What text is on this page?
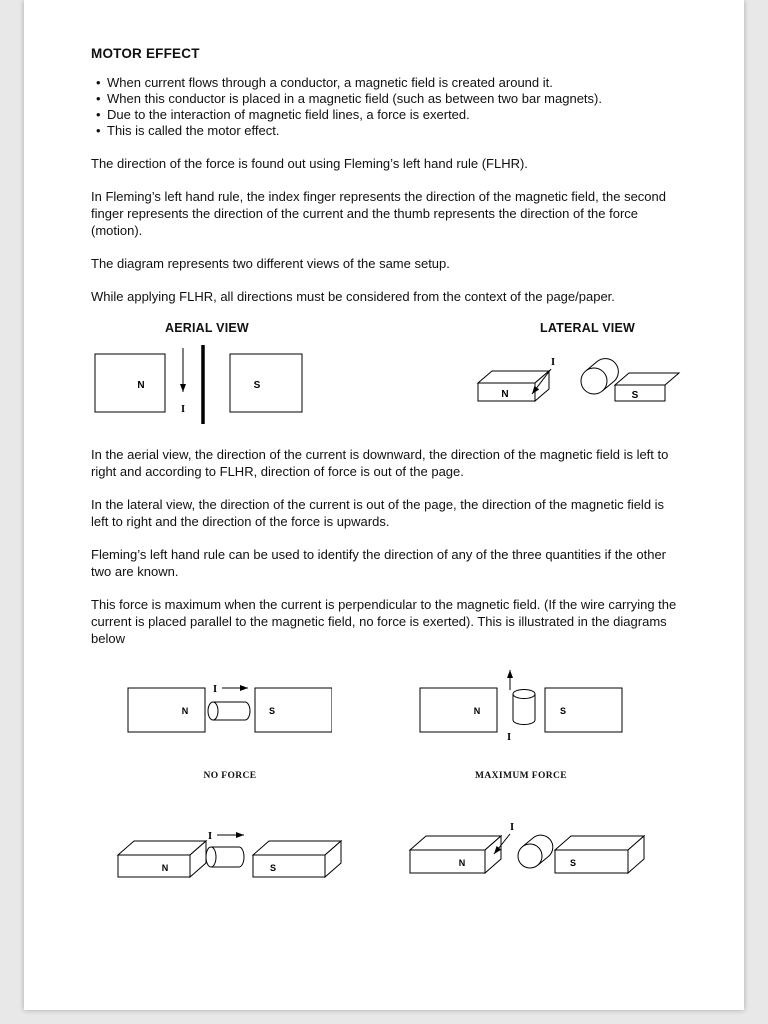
MOTOR EFFECT
• When current flows through a conductor, a magnetic field is created around it.
• When this conductor is placed in a magnetic field (such as between two bar magnets).
• Due to the interaction of magnetic field lines, a force is exerted.
• This is called the motor effect.

The direction of the force is found out using Fleming’s left hand rule (FLHR).

In Fleming’s left hand rule, the index finger represents the direction of the magnetic field, the second finger represents the direction of the current and the thumb represents the direction of the force (motion).

The diagram represents two different views of the same setup.

While applying FLHR, all directions must be considered from the context of the page/paper.

AERIAL VIEW	LATERAL VIEW
N
I
S
N
I
S

In the aerial view, the direction of the current is downward, the direction of the magnetic field is left to right and according to FLHR, direction of force is out of the page.

In the lateral view, the direction of the current is out of the page, the direction of the magnetic field is left to right and the direction of the force is upwards.

Fleming’s left hand rule can be used to identify the direction of any of the three quantities if the other two are known.

This force is maximum when the current is perpendicular to the magnetic field. (If the wire carrying the current is placed parallel to the magnetic field, no force is exerted). This is illustrated in the diagrams below

N
I
S	N
I
S
NO FORCE	MAXIMUM FORCE
N
I
S	N
I
S
